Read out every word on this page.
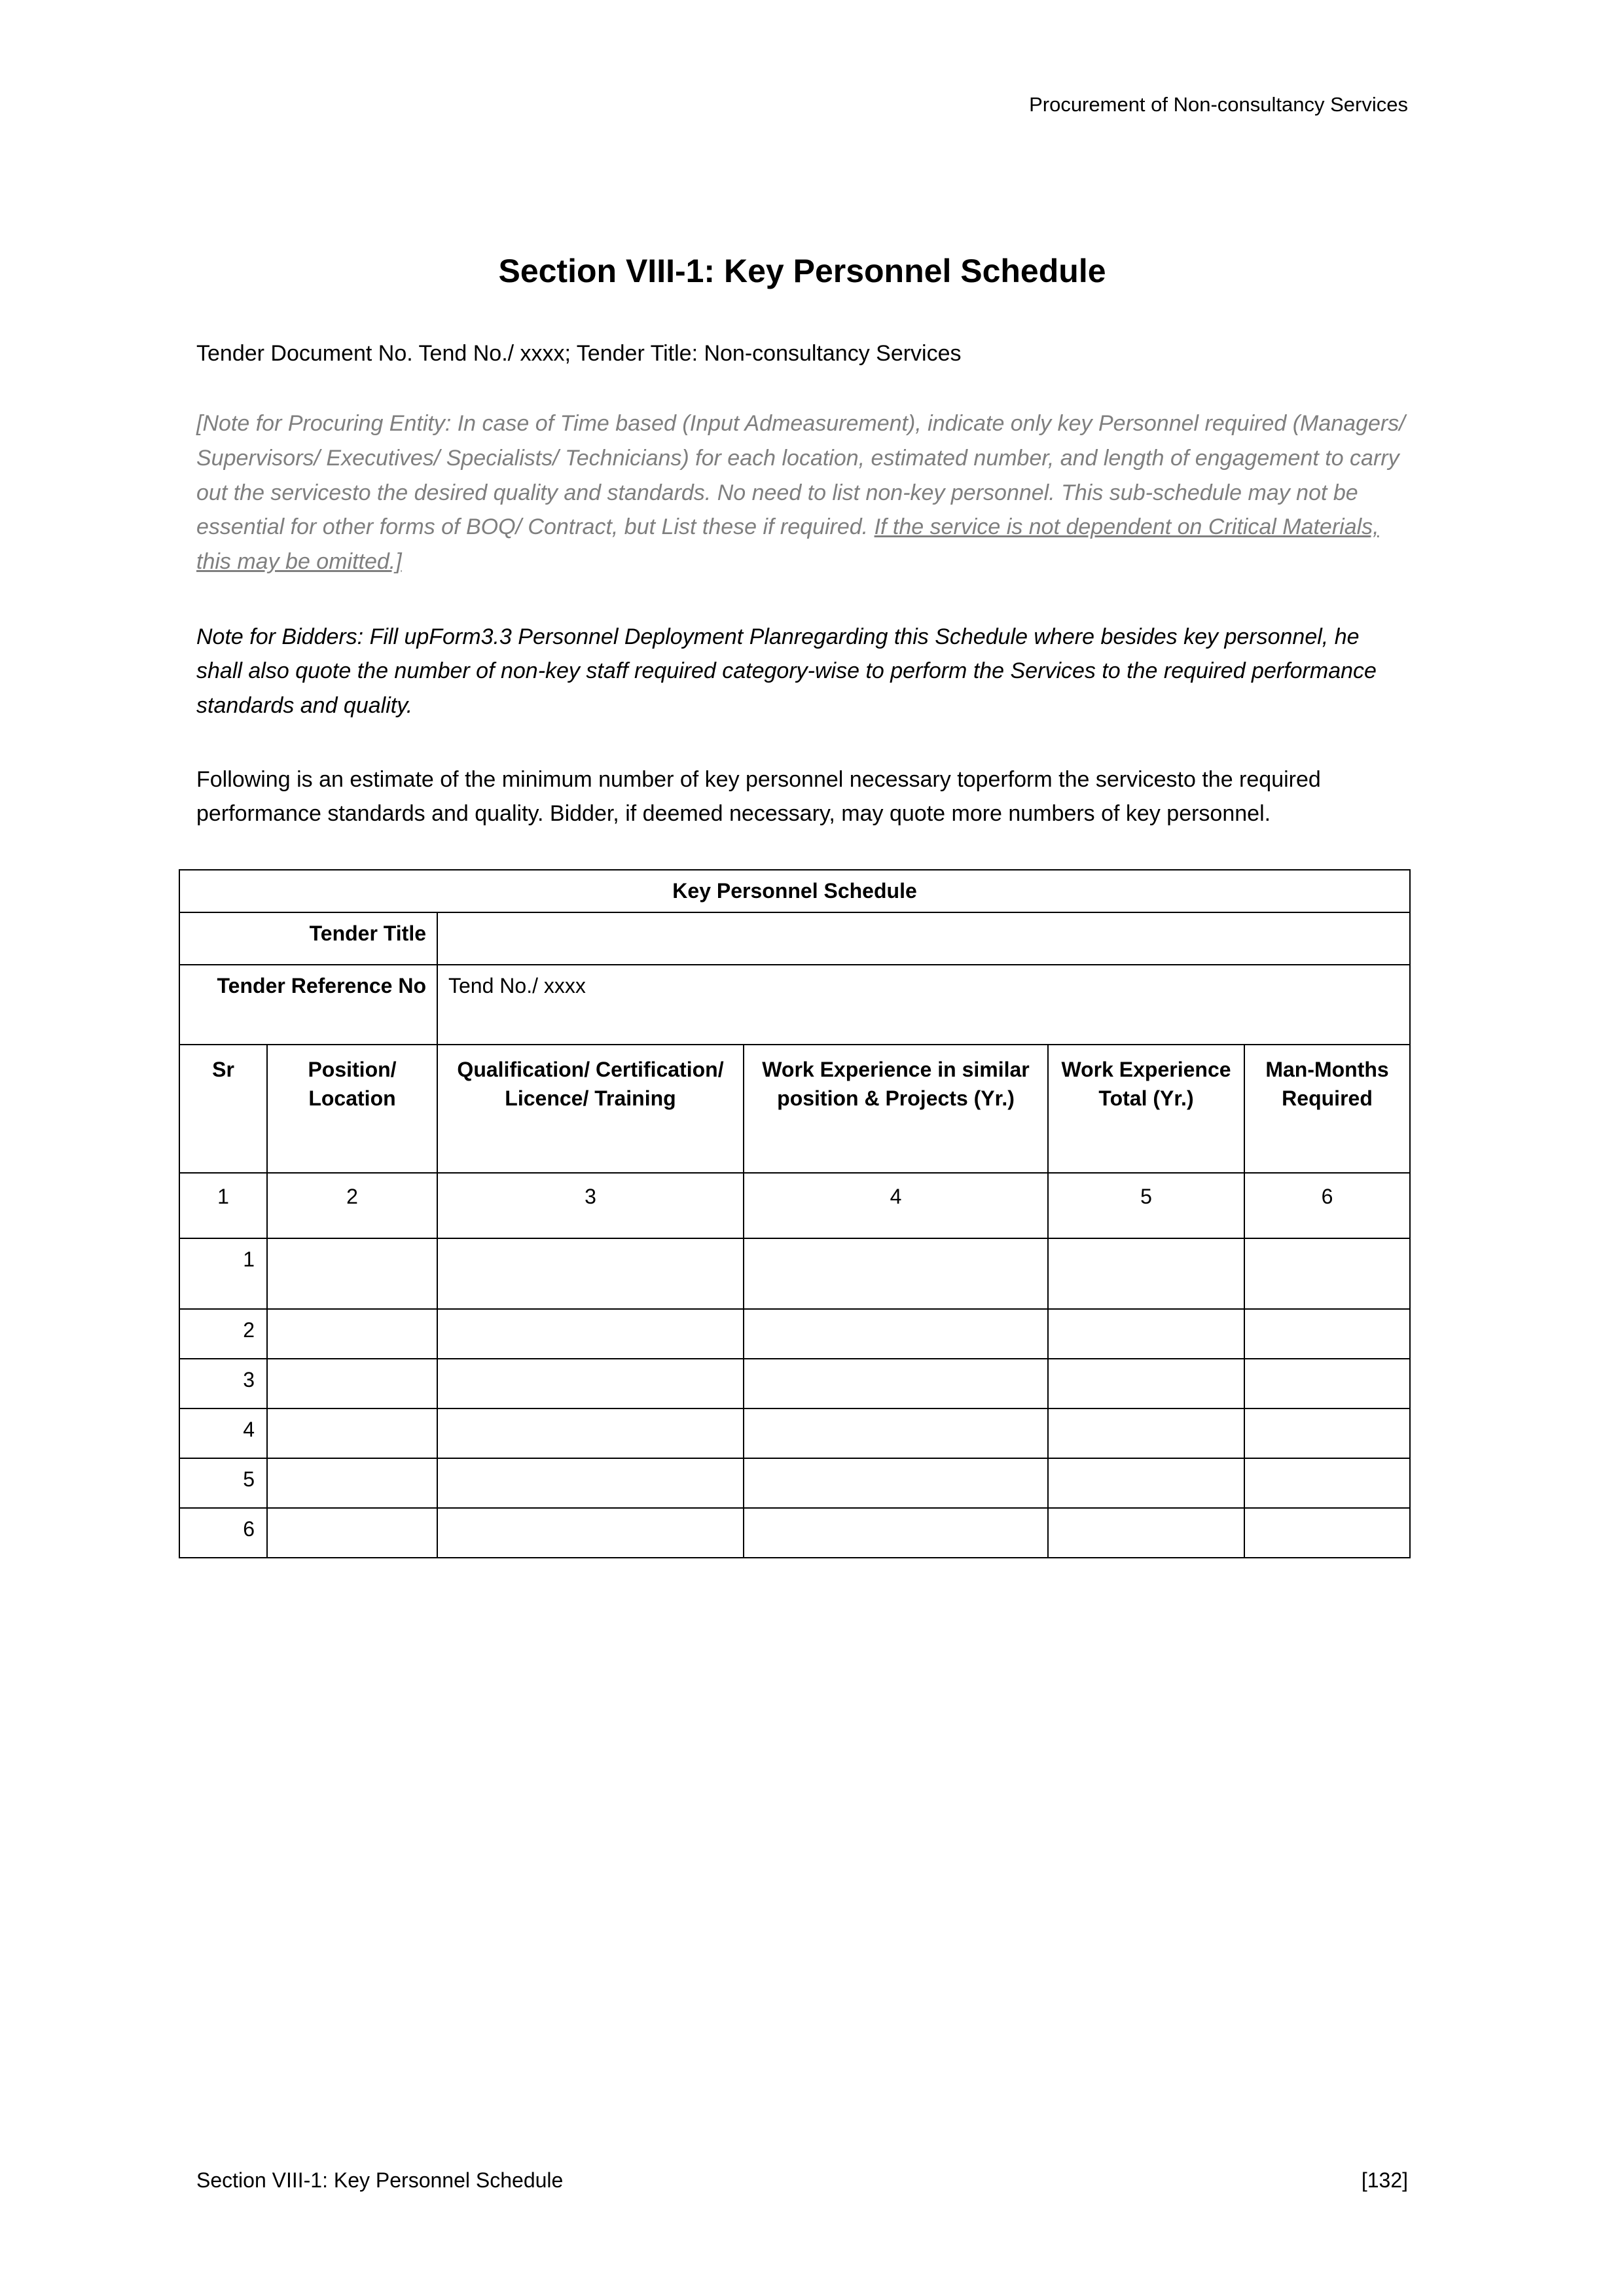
Procurement of Non-consultancy Services
Section VIII-1: Key Personnel Schedule

Tender Document No. Tend No./ xxxx; Tender Title: Non-consultancy Services

[Note for Procuring Entity: In case of Time based (Input Admeasurement), indicate only key Personnel required (Managers/ Supervisors/ Executives/ Specialists/ Technicians) for each location, estimated number, and length of engagement to carry out the servicesto the desired quality and standards. No need to list non-key personnel. This sub-schedule may not be essential for other forms of BOQ/ Contract, but List these if required. If the service is not dependent on Critical Materials, this may be omitted.]

Note for Bidders: Fill upForm3.3 Personnel Deployment Planregarding this Schedule where besides key personnel, he shall also quote the number of non-key staff required category-wise to perform the Services to the required performance standards and quality.

Following is an estimate of the minimum number of key personnel necessary toperform the servicesto the required performance standards and quality. Bidder, if deemed necessary, may quote more numbers of key personnel.

Key Personnel Schedule					
Tender Title					
Tender Reference No		Tend No./ xxxx			
Sr	Position/ Location	Qualification/ Certification/ Licence/ Training	Work Experience in similar position & Projects (Yr.)	Work Experience Total (Yr.)	Man-Months Required
1	2	3	4	5	6
1					
2					
3					
4					
5					
6					
Section VIII-1: Key Personnel Schedule	[132]
